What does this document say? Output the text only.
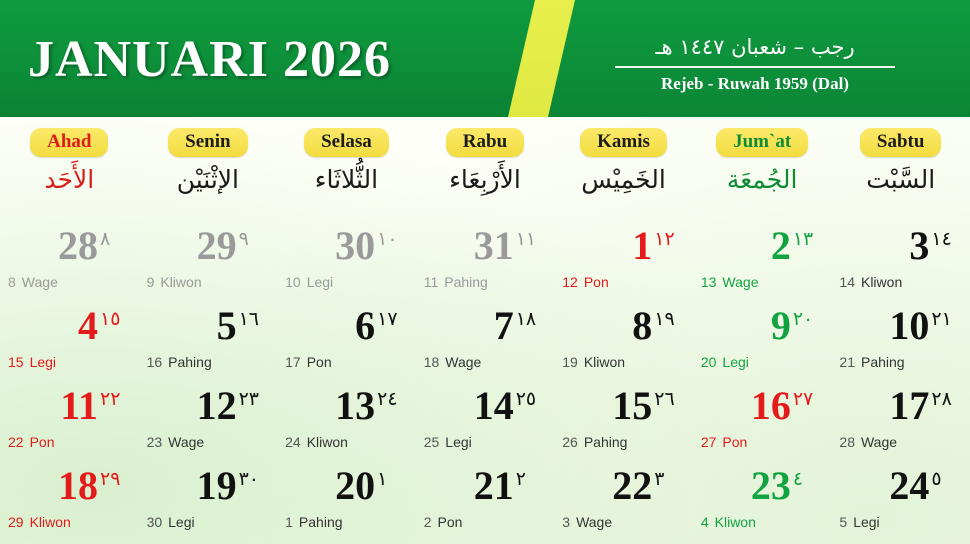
JANUARI 2026	رجب – شعبان ١٤٤٧ هـ
Rejeb - Ruwah 1959 (Dal)
Ahad
الأَحَد
Senin
الإثْنَيْن
Selasa
الثُّلاثَاء
Rabu
الأَرْبِعَاء
Kamis
الخَمِيْس
Jum`at
الجُمعَة
Sabtu
السَّبْت
28 ٨
8 Wage
29 ٩
9 Kliwon
30 ١٠
10 Legi
31 ١١
11 Pahing
1 ١٢
12 Pon
2 ١٣
13 Wage
3 ١٤
14 Kliwon
4 ١٥
15 Legi
5 ١٦
16 Pahing
6 ١٧
17 Pon
7 ١٨
18 Wage
8 ١٩
19 Kliwon
9 ٢٠
20 Legi
10 ٢١
21 Pahing
11 ٢٢
22 Pon
12 ٢٣
23 Wage
13 ٢٤
24 Kliwon
14 ٢٥
25 Legi
15 ٢٦
26 Pahing
16 ٢٧
27 Pon
17 ٢٨
28 Wage
18 ٢٩
29 Kliwon
19 ٣٠
30 Legi
20 ١
1 Pahing
21 ٢
2 Pon
22 ٣
3 Wage
23 ٤
4 Kliwon
24 ٥
5 Legi
